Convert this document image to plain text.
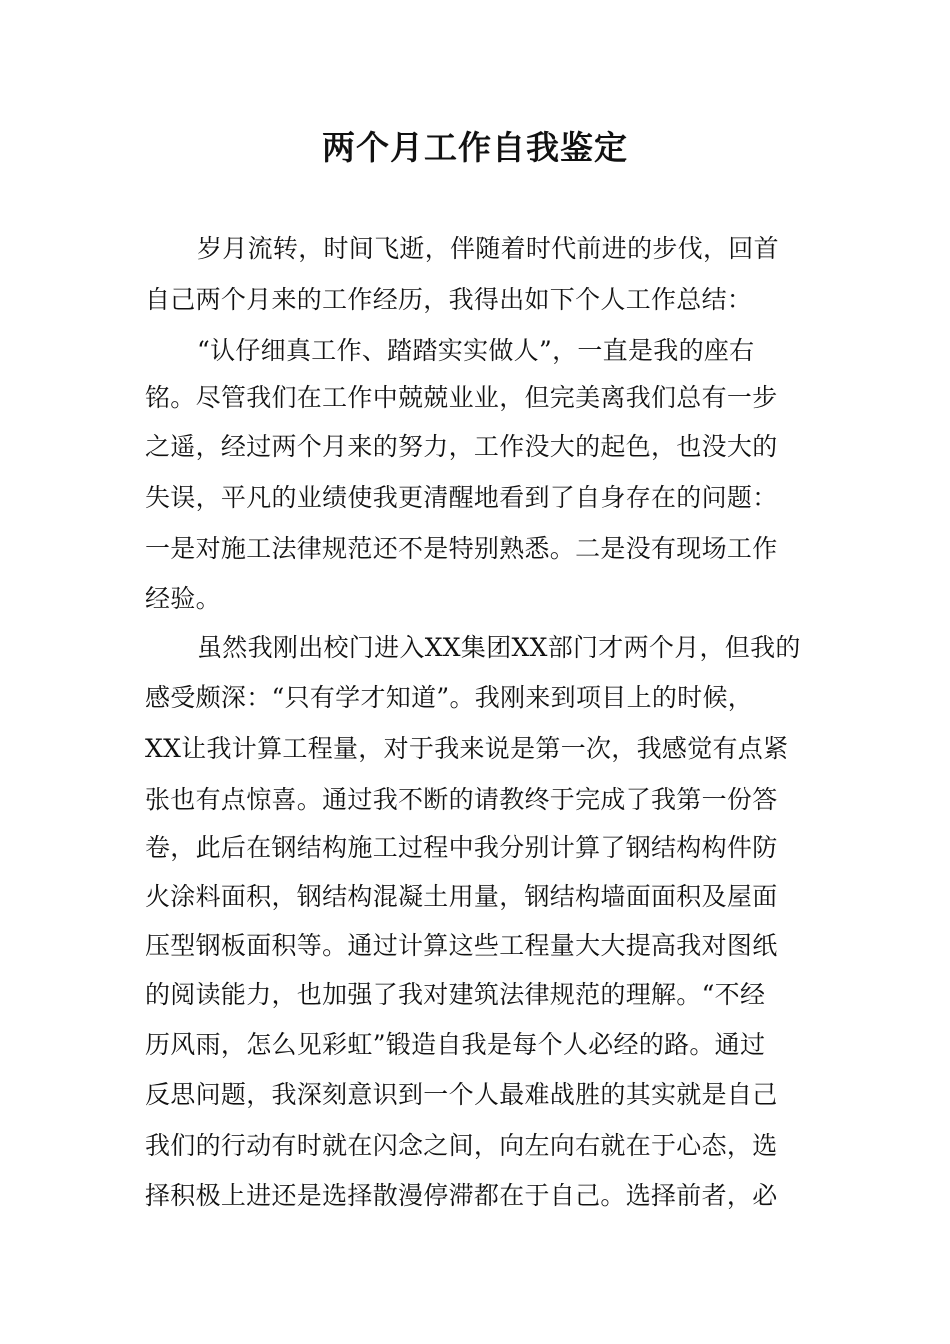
两个月工作自我鉴定
岁月流转，时间飞逝，伴随着时代前进的步伐，回首
自己两个月来的工作经历，我得出如下个人工作总结：
“认仔细真工作、踏踏实实做人”，一直是我的座右
铭。尽管我们在工作中兢兢业业，但完美离我们总有一步
之遥，经过两个月来的努力，工作没大的起色，也没大的
失误，平凡的业绩使我更清醒地看到了自身存在的问题：
一是对施工法律规范还不是特别熟悉。二是没有现场工作
经验。
虽然我刚出校门进入XX集团XX部门才两个月，但我的
感受颇深：“只有学才知道”。我刚来到项目上的时候，
XX让我计算工程量，对于我来说是第一次，我感觉有点紧
张也有点惊喜。通过我不断的请教终于完成了我第一份答
卷，此后在钢结构施工过程中我分别计算了钢结构构件防
火涂料面积，钢结构混凝土用量，钢结构墙面面积及屋面
压型钢板面积等。通过计算这些工程量大大提高我对图纸
的阅读能力，也加强了我对建筑法律规范的理解。“不经
历风雨，怎么见彩虹”锻造自我是每个人必经的路。通过
反思问题，我深刻意识到一个人最难战胜的其实就是自己
我们的行动有时就在闪念之间，向左向右就在于心态，选
择积极上进还是选择散漫停滞都在于自己。选择前者，必
